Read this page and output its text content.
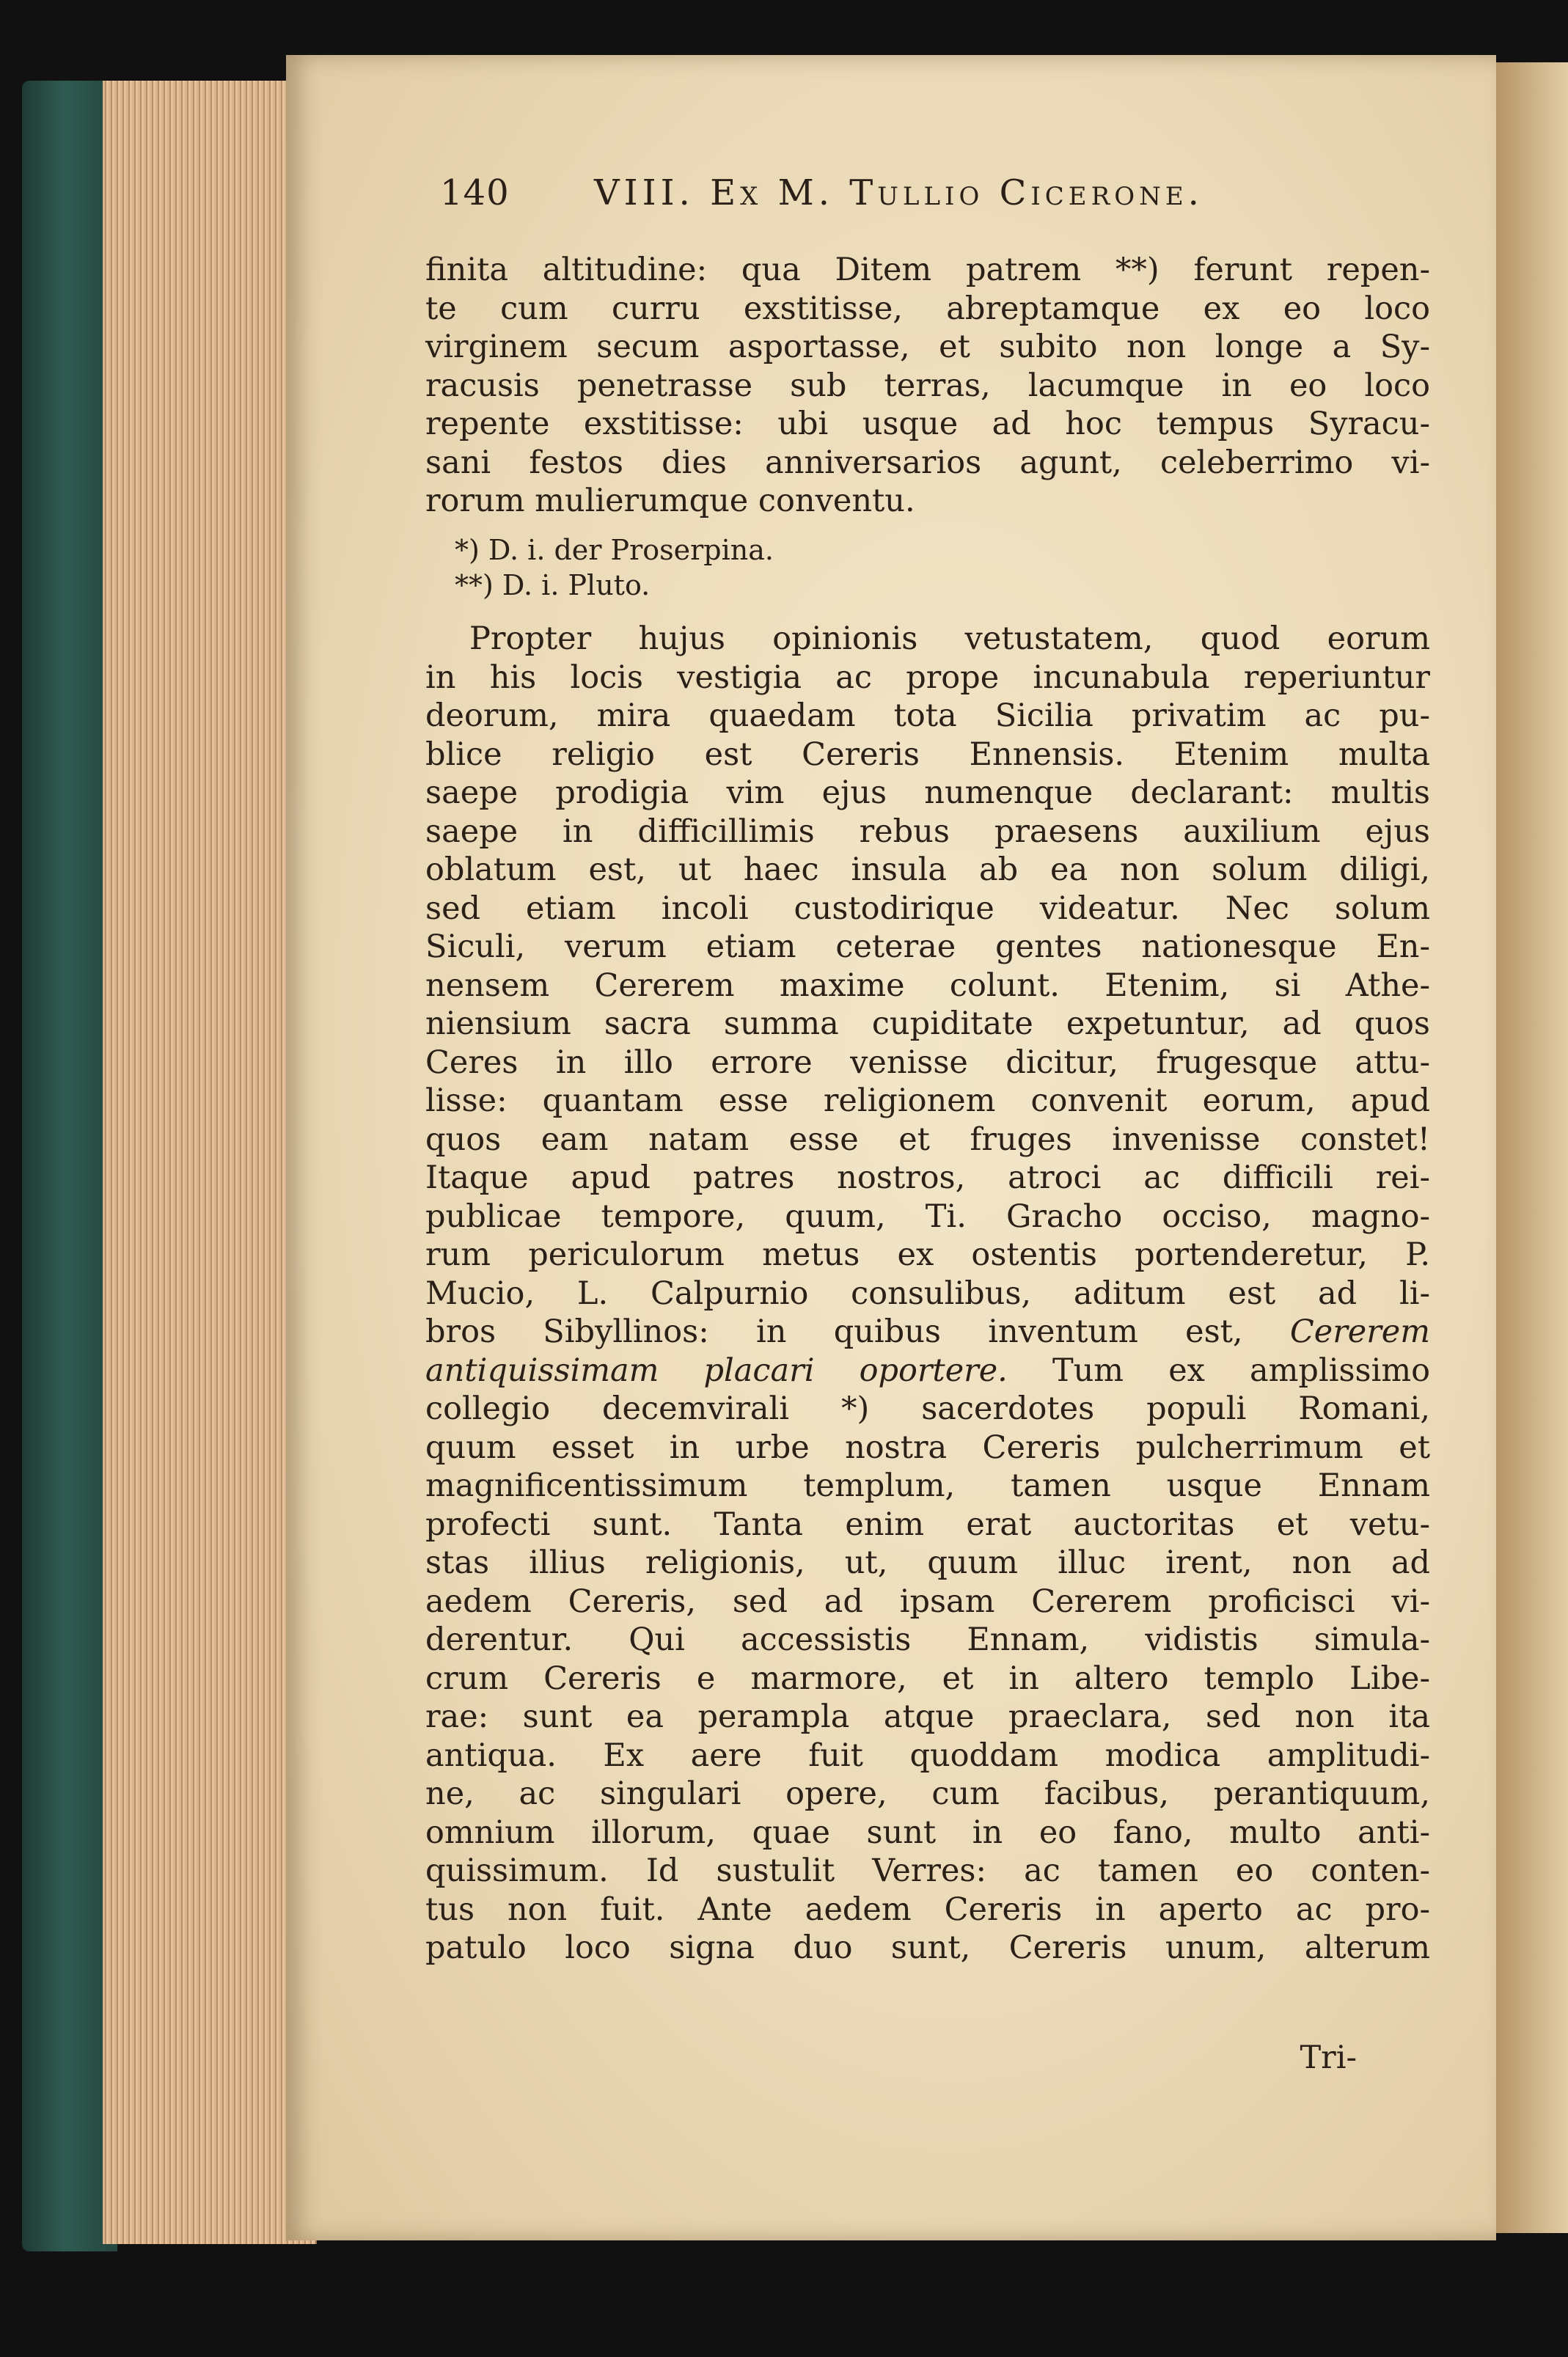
140 VIII. Ex M. Tullio Cicerone.
finita altitudine: qua Ditem patrem **) ferunt repen-
te cum curru exstitisse, abreptamque ex eo loco
virginem secum asportasse, et subito non longe a Sy-
racusis penetrasse sub terras, lacumque in eo loco
repente exstitisse: ubi usque ad hoc tempus Syracu-
sani festos dies anniversarios agunt, celeberrimo vi-
rorum mulierumque conventu.
*) D. i. der Proserpina.
**) D. i. Pluto.
Propter hujus opinionis vetustatem, quod eorum
in his locis vestigia ac prope incunabula reperiuntur
deorum, mira quaedam tota Sicilia privatim ac pu-
blice religio est Cereris Ennensis. Etenim multa
saepe prodigia vim ejus numenque declarant: multis
saepe in difficillimis rebus praesens auxilium ejus
oblatum est, ut haec insula ab ea non solum diligi,
sed etiam incoli custodirique videatur. Nec solum
Siculi, verum etiam ceterae gentes nationesque En-
nensem Cererem maxime colunt. Etenim, si Athe-
niensium sacra summa cupiditate expetuntur, ad quos
Ceres in illo errore venisse dicitur, frugesque attu-
lisse: quantam esse religionem convenit eorum, apud
quos eam natam esse et fruges invenisse constet!
Itaque apud patres nostros, atroci ac difficili rei-
publicae tempore, quum, Ti. Gracho occiso, magno-
rum periculorum metus ex ostentis portenderetur, P.
Mucio, L. Calpurnio consulibus, aditum est ad li-
bros Sibyllinos: in quibus inventum est, Cererem
antiquissimam placari oportere. Tum ex amplissimo
collegio decemvirali *) sacerdotes populi Romani,
quum esset in urbe nostra Cereris pulcherrimum et
magnificentissimum templum, tamen usque Ennam
profecti sunt. Tanta enim erat auctoritas et vetu-
stas illius religionis, ut, quum illuc irent, non ad
aedem Cereris, sed ad ipsam Cererem proficisci vi-
derentur. Qui accessistis Ennam, vidistis simula-
crum Cereris e marmore, et in altero templo Libe-
rae: sunt ea perampla atque praeclara, sed non ita
antiqua. Ex aere fuit quoddam modica amplitudi-
ne, ac singulari opere, cum facibus, perantiquum,
omnium illorum, quae sunt in eo fano, multo anti-
quissimum. Id sustulit Verres: ac tamen eo conten-
tus non fuit. Ante aedem Cereris in aperto ac pro-
patulo loco signa duo sunt, Cereris unum, alterum
Tri-
